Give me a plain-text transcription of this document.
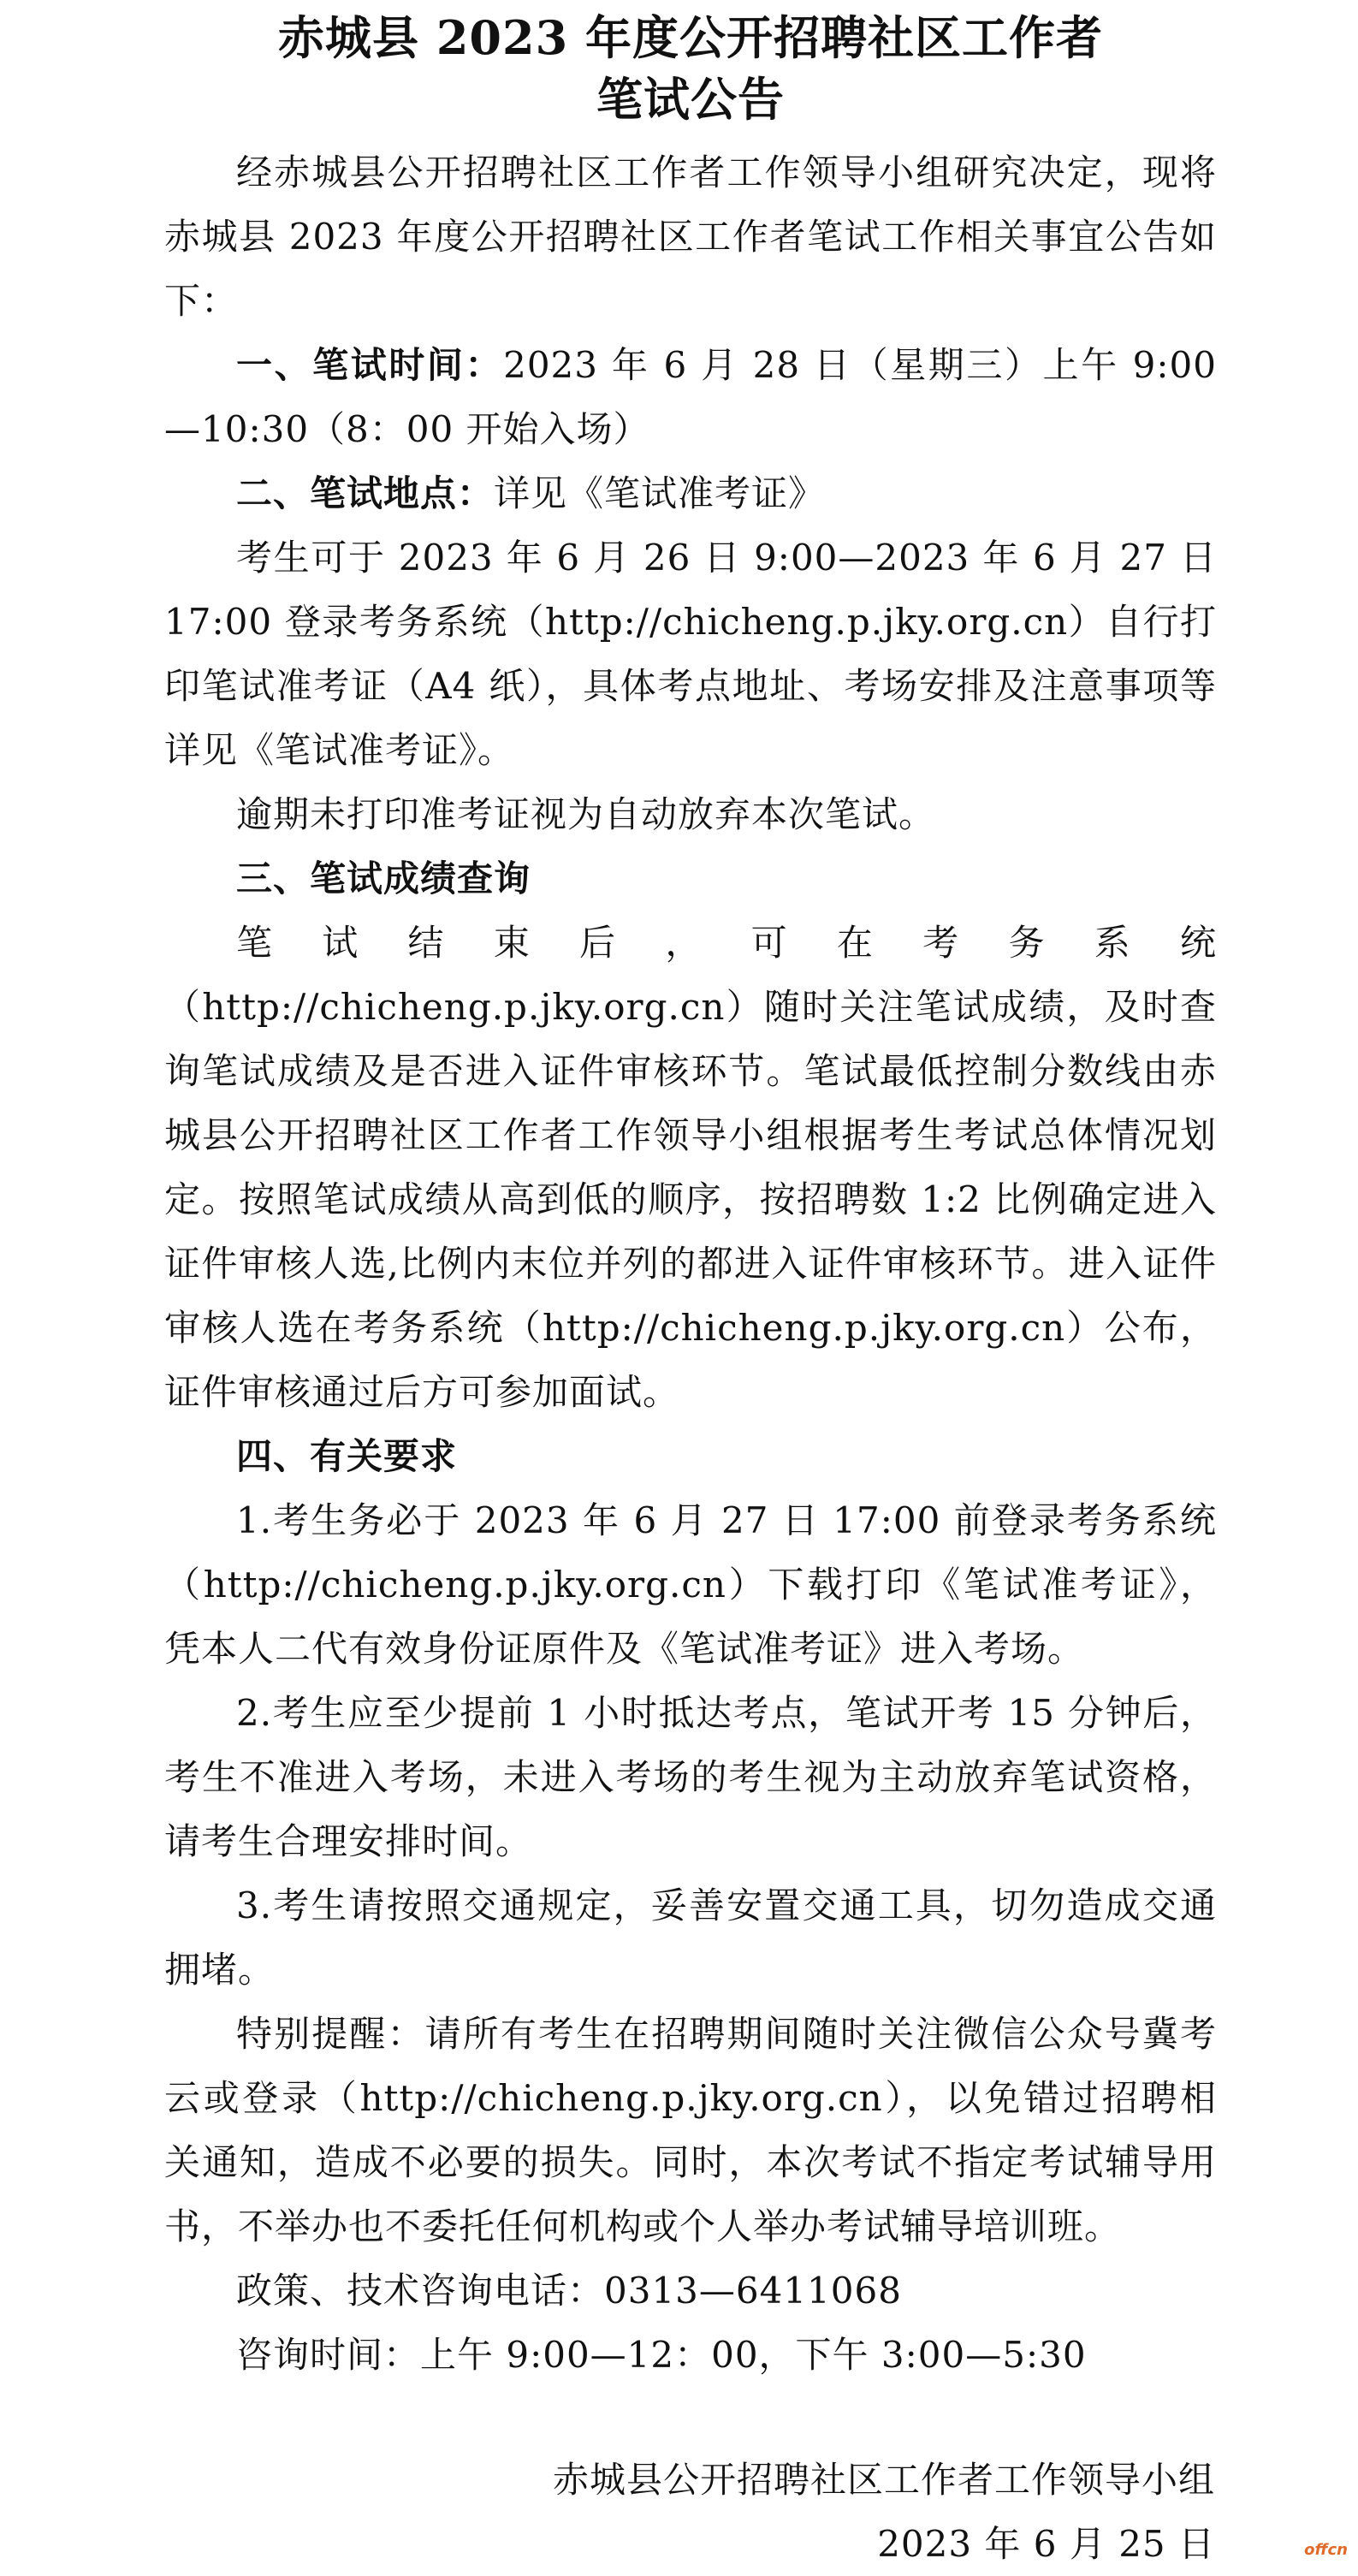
赤城县 2023 年度公开招聘社区工作者
笔试公告

经赤城县公开招聘社区工作者工作领导小组研究决定，现将赤城县 2023 年度公开招聘社区工作者笔试工作相关事宜公告如下：

一、笔试时间：2023 年 6 月 28 日（星期三）上午 9:00—10:30（8：00 开始入场）

二、笔试地点：详见《笔试准考证》

考生可于 2023 年 6 月 26 日 9:00—2023 年 6 月 27 日 17:00 登录考务系统（http://chicheng.p.jky.org.cn）自行打印笔试准考证（A4 纸），具体考点地址、考场安排及注意事项等详见《笔试准考证》。

逾期未打印准考证视为自动放弃本次笔试。

三、笔试成绩查询

笔试结束后，可在考务系统（http://chicheng.p.jky.org.cn）随时关注笔试成绩，及时查询笔试成绩及是否进入证件审核环节。笔试最低控制分数线由赤城县公开招聘社区工作者工作领导小组根据考生考试总体情况划定。按照笔试成绩从高到低的顺序，按招聘数 1:2 比例确定进入证件审核人选,比例内末位并列的都进入证件审核环节。进入证件审核人选在考务系统（http://chicheng.p.jky.org.cn）公布，证件审核通过后方可参加面试。

四、有关要求

1.考生务必于 2023 年 6 月 27 日 17:00 前登录考务系统（http://chicheng.p.jky.org.cn）下载打印《笔试准考证》，凭本人二代有效身份证原件及《笔试准考证》进入考场。

2.考生应至少提前 1 小时抵达考点，笔试开考 15 分钟后，考生不准进入考场，未进入考场的考生视为主动放弃笔试资格，请考生合理安排时间。

3.考生请按照交通规定，妥善安置交通工具，切勿造成交通拥堵。

特别提醒：请所有考生在招聘期间随时关注微信公众号冀考云或登录（http://chicheng.p.jky.org.cn），以免错过招聘相关通知，造成不必要的损失。同时，本次考试不指定考试辅导用书，不举办也不委托任何机构或个人举办考试辅导培训班。

政策、技术咨询电话：0313—6411068

咨询时间：上午 9:00—12：00，下午 3:00—5:30

赤城县公开招聘社区工作者工作领导小组
2023 年 6 月 25 日	offcn
